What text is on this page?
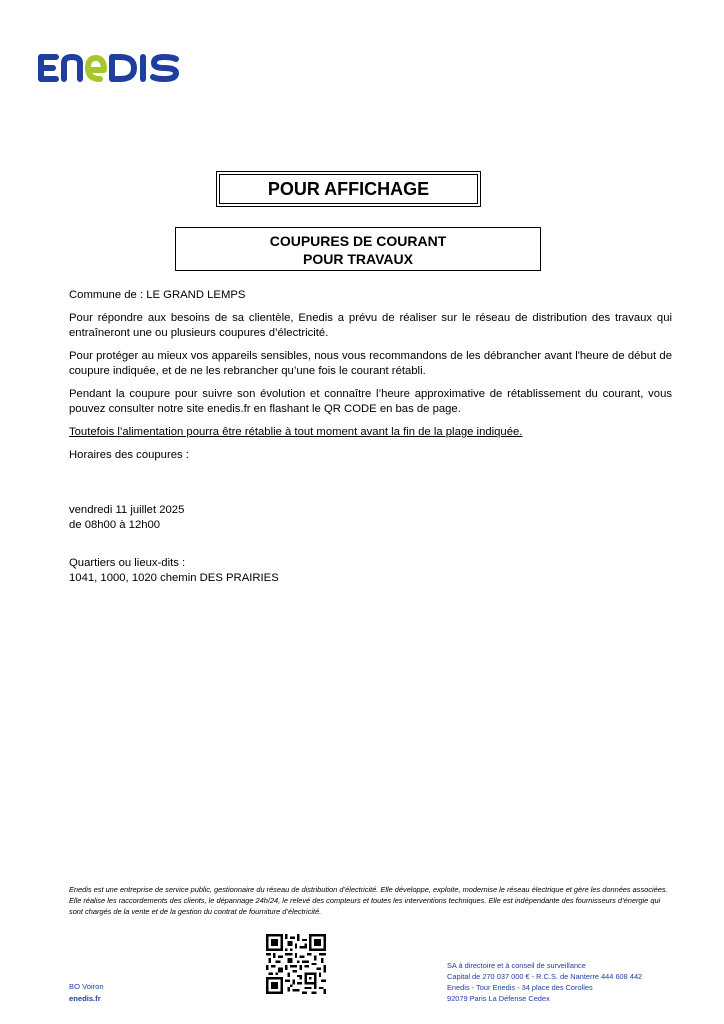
POUR AFFICHAGE
COUPURES DE COURANT
POUR TRAVAUX

Commune de : LE GRAND LEMPS

Pour répondre aux besoins de sa clientèle, Enedis a prévu de réaliser sur le réseau de distribution des travaux qui entraîneront une ou plusieurs coupures d’électricité.

Pour protéger au mieux vos appareils sensibles, nous vous recommandons de les débrancher avant l'heure de début de coupure indiquée, et de ne les rebrancher qu’une fois le courant rétabli.

Pendant la coupure pour suivre son évolution et connaître l’heure approximative de rétablissement du courant, vous pouvez consulter notre site enedis.fr en flashant le QR CODE en bas de page.

Toutefois l’alimentation pourra être rétablie à tout moment avant la fin de la plage indiquée.

Horaires des coupures :

vendredi 11 juillet 2025

de 08h00 à 12h00

Quartiers ou lieux-dits :

1041, 1000, 1020 chemin DES PRAIRIES

Enedis est une entreprise de service public, gestionnaire du réseau de distribution d’électricité. Elle développe, exploite, modernise le réseau électrique et gère les données associées. Elle réalise les raccordements des clients, le dépannage 24h/24, le relevé des compteurs et toutes les interventions techniques. Elle est indépendante des fournisseurs d’énergie qui sont chargés de la vente et de la gestion du contrat de fourniture d’électricité.
BO Voiron
enedis.fr
SA à directoire et à conseil de surveillance
Capital de 270 037 000 € - R.C.S. de Nanterre 444 608 442
Enedis - Tour Enedis - 34 place des Corolles
92079 Paris La Défense Cedex
